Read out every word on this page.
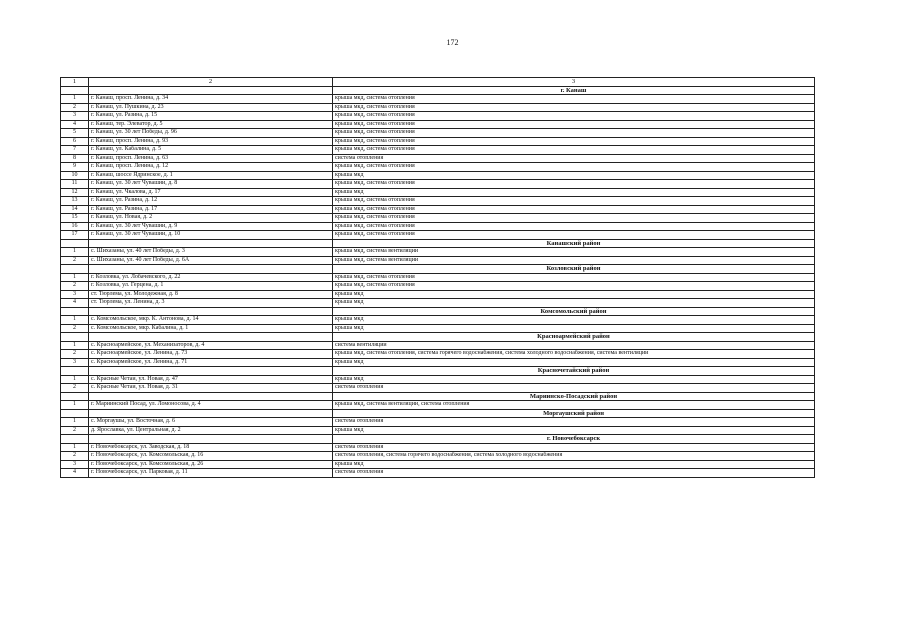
172
1	2	3
		г. Канаш
1	г. Канаш, просп. Ленина, д. 34	крыша мкд, система отопления
2	г. Канаш, ул. Пушкина, д. 23	крыша мкд, система отопления
3	г. Канаш, ул. Разина, д. 15	крыша мкд, система отопления
4	г. Канаш, тер. Элеватор, д. 5	крыша мкд, система отопления
5	г. Канаш, ул. 30 лет Победы, д. 96	крыша мкд, система отопления
6	г. Канаш, просп. Ленина, д. 93	крыша мкд, система отопления
7	г. Канаш, ул. Кабалина, д. 5	крыша мкд, система отопления
8	г. Канаш, просп. Ленина, д. 63	система отопления
9	г. Канаш, просп. Ленина, д. 12	крыша мкд, система отопления
10	г. Канаш, шоссе Ядринское, д. 1	крыша мкд
11	г. Канаш, ул. 30 лет Чувашии, д. 8	крыша мкд, система отопления
12	г. Канаш, ул. Чкалова, д. 17	крыша мкд
13	г. Канаш, ул. Разина, д. 12	крыша мкд, система отопления
14	г. Канаш, ул. Разина, д. 17	крыша мкд, система отопления
15	г. Канаш, ул. Новая, д. 2	крыша мкд, система отопления
16	г. Канаш, ул. 30 лет Чувашии, д. 9	крыша мкд, система отопления
17	г. Канаш, ул. 30 лет Чувашии, д. 10	крыша мкд, система отопления
		Канашский район
1	с. Шихазаны, ул. 40 лет Победы, д. 3	крыша мкд, система вентиляции
2	с. Шихазаны, ул. 40 лет Победы, д. 6А	крыша мкд, система вентиляции
		Козловский район
1	г. Козловка, ул. Лобачевского, д. 22	крыша мкд, система отопления
2	г. Козловка, ул. Герцена, д. 1	крыша мкд, система отопления
3	ст. Тюрлема, ул. Молодежная, д. 8	крыша мкд
4	ст. Тюрлема, ул. Ленина, д. 3	крыша мкд
		Комсомольский район
1	с. Комсомольское, мкр. К. Антонова, д. 14	крыша мкд
2	с. Комсомольское, мкр. Кабалина, д. 1	крыша мкд
		Красноармейский район
1	с. Красноармейское, ул. Механизаторов, д. 4	система вентиляции
2	с. Красноармейское, ул. Ленина, д. 73	крыша мкд, система отопления, система горячего водоснабжения, система холодного водоснабжения, система вентиляции
3	с. Красноармейское, ул. Ленина, д. 71	крыша мкд
		Красночетайский район
1	с. Красные Четаи, ул. Новая, д. 47	крыша мкд
2	с. Красные Четаи, ул. Новая, д. 31	система отопления
		Мариинско-Посадский район
1	г. Мариинский Посад, ул. Ломоносова, д. 4	крыша мкд, система вентиляции, система отопления
		Моргаушский район
1	с. Моргаушы, ул. Восточная, д. 6	система отопления
2	д. Ярославка, ул. Центральная, д. 2	крыша мкд
		г. Новочебоксарск
1	г. Новочебоксарск, ул. Заводская, д. 18	система отопления
2	г. Новочебоксарск, ул. Комсомольская, д. 16	система отопления, система горячего водоснабжения, система холодного водоснабжения
3	г. Новочебоксарск, ул. Комсомольская, д. 26	крыша мкд
4	г. Новочебоксарск, ул. Парковая, д. 11	система отопления
